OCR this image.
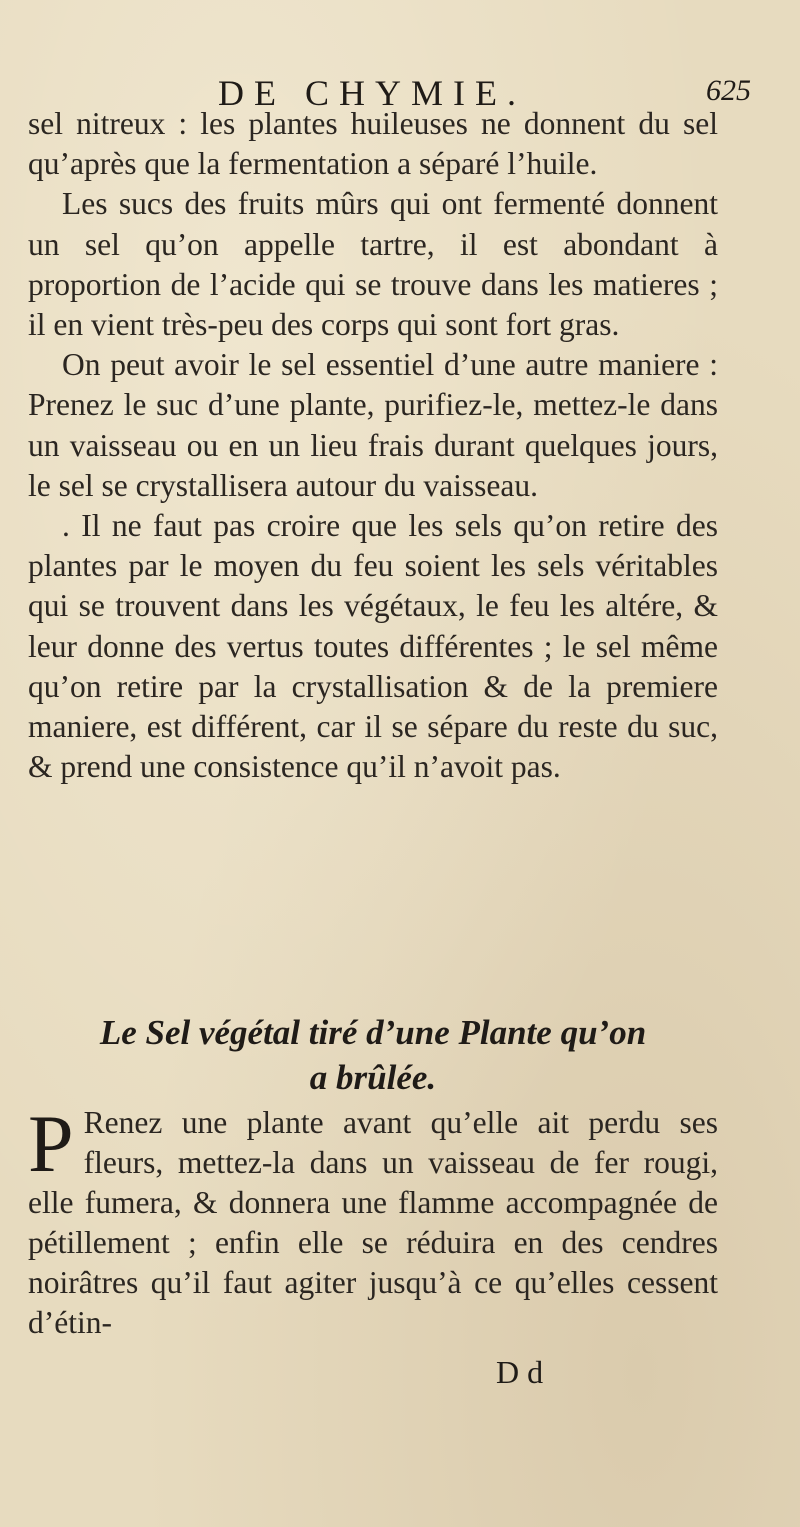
DE CHYMIE.	625

sel nitreux : les plantes huileuses ne donnent du sel qu’après que la fermentation a séparé l’huile.

Les sucs des fruits mûrs qui ont fermenté donnent un sel qu’on appelle tartre, il est abondant à proportion de l’acide qui se trouve dans les matieres ; il en vient très-peu des corps qui sont fort gras.

On peut avoir le sel essentiel d’une autre maniere : Prenez le suc d’une plante, purifiez-le, mettez-le dans un vaisseau ou en un lieu frais durant quelques jours, le sel se crystallisera autour du vaisseau.

. Il ne faut pas croire que les sels qu’on retire des plantes par le moyen du feu soient les sels véritables qui se trouvent dans les végétaux, le feu les altére, & leur donne des vertus toutes différentes ; le sel même qu’on retire par la crystallisation & de la premiere maniere, est différent, car il se sépare du reste du suc, & prend une consistence qu’il n’avoit pas.

Le Sel végétal tiré d’une Plante qu’on
a brûlée.
P Renez une plante avant qu’elle ait perdu ses fleurs, mettez-la dans un vaisseau de fer rougi, elle fumera, & donnera une flamme accompagnée de pétillement ; enfin elle se réduira en des cendres noirâtres qu’il faut agiter jusqu’à ce qu’elles cessent d’étin-
D d
